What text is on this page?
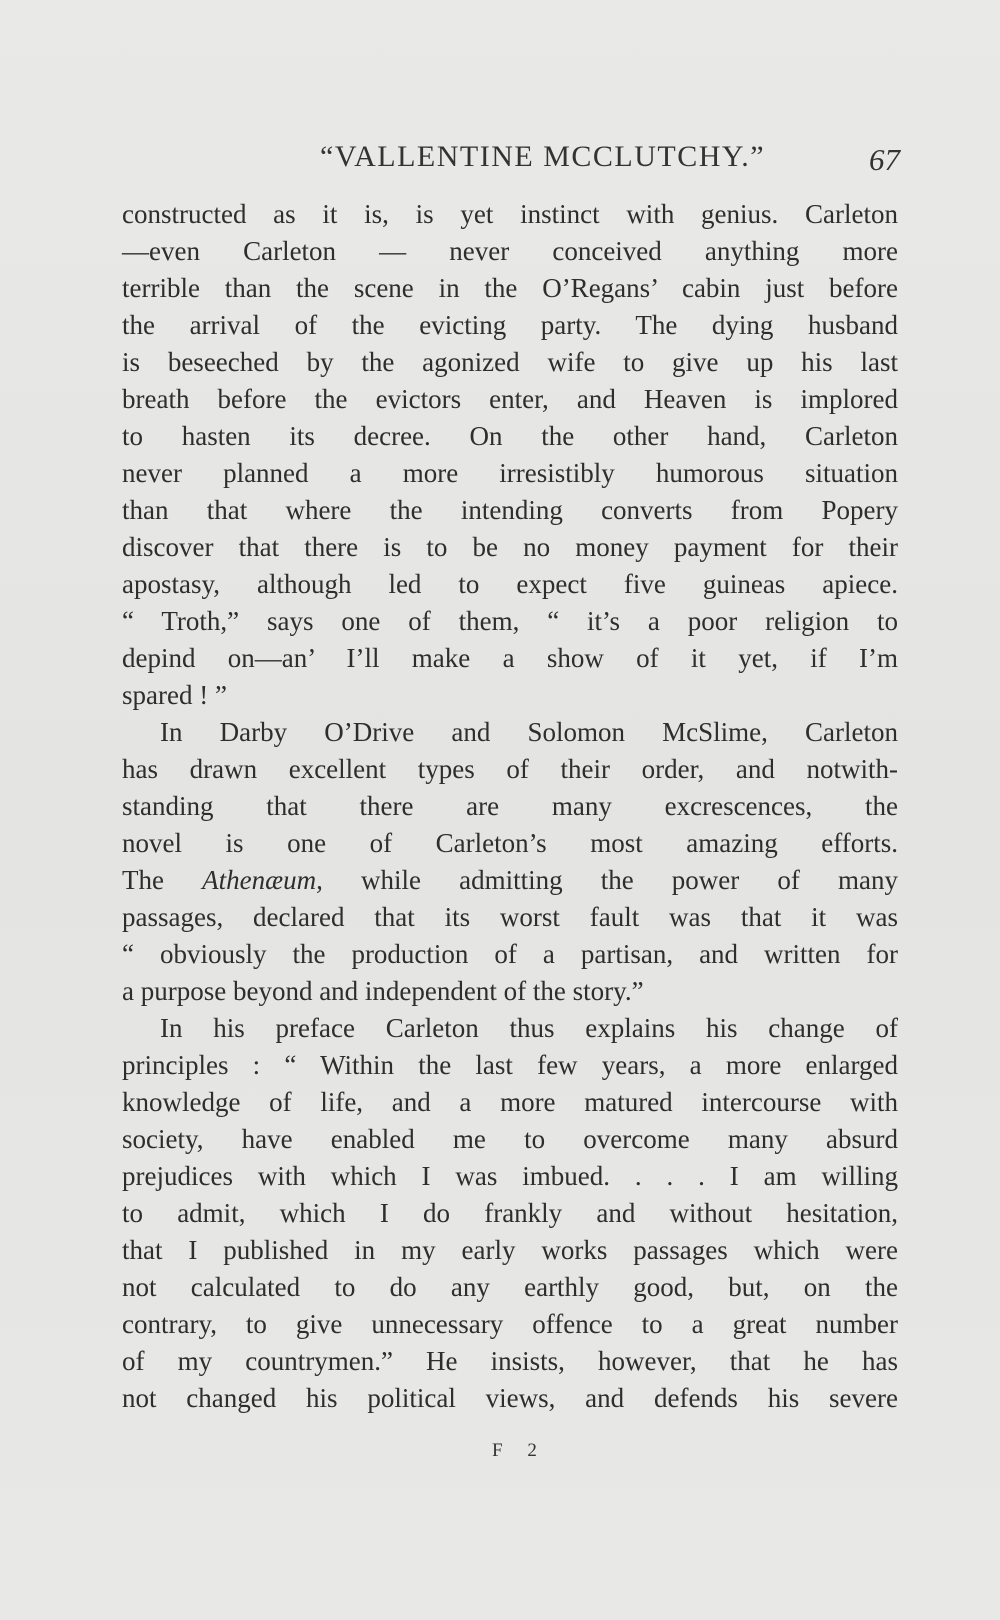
“VALLENTINE MCCLUTCHY.”	67
constructed as it is, is yet instinct with genius. Carleton
—even Carleton — never conceived anything more
terrible than the scene in the O’Regans’ cabin just before
the arrival of the evicting party. The dying husband
is beseeched by the agonized wife to give up his last
breath before the evictors enter, and Heaven is implored
to hasten its decree. On the other hand, Carleton
never planned a more irresistibly humorous situation
than that where the intending converts from Popery
discover that there is to be no money payment for their
apostasy, although led to expect five guineas apiece.
“ Troth,” says one of them, “ it’s a poor religion to
depind on—an’ I’ll make a show of it yet, if I’m
spared ! ”
In Darby O’Drive and Solomon McSlime, Carleton
has drawn excellent types of their order, and notwith-
standing that there are many excrescences, the
novel is one of Carleton’s most amazing efforts.
The Athenæum, while admitting the power of many
passages, declared that its worst fault was that it was
“ obviously the production of a partisan, and written for
a purpose beyond and independent of the story.”
In his preface Carleton thus explains his change of
principles : “ Within the last few years, a more enlarged
knowledge of life, and a more matured intercourse with
society, have enabled me to overcome many absurd
prejudices with which I was imbued. . . . I am willing
to admit, which I do frankly and without hesitation,
that I published in my early works passages which were
not calculated to do any earthly good, but, on the
contrary, to give unnecessary offence to a great number
of my countrymen.” He insists, however, that he has
not changed his political views, and defends his severe
F 2
